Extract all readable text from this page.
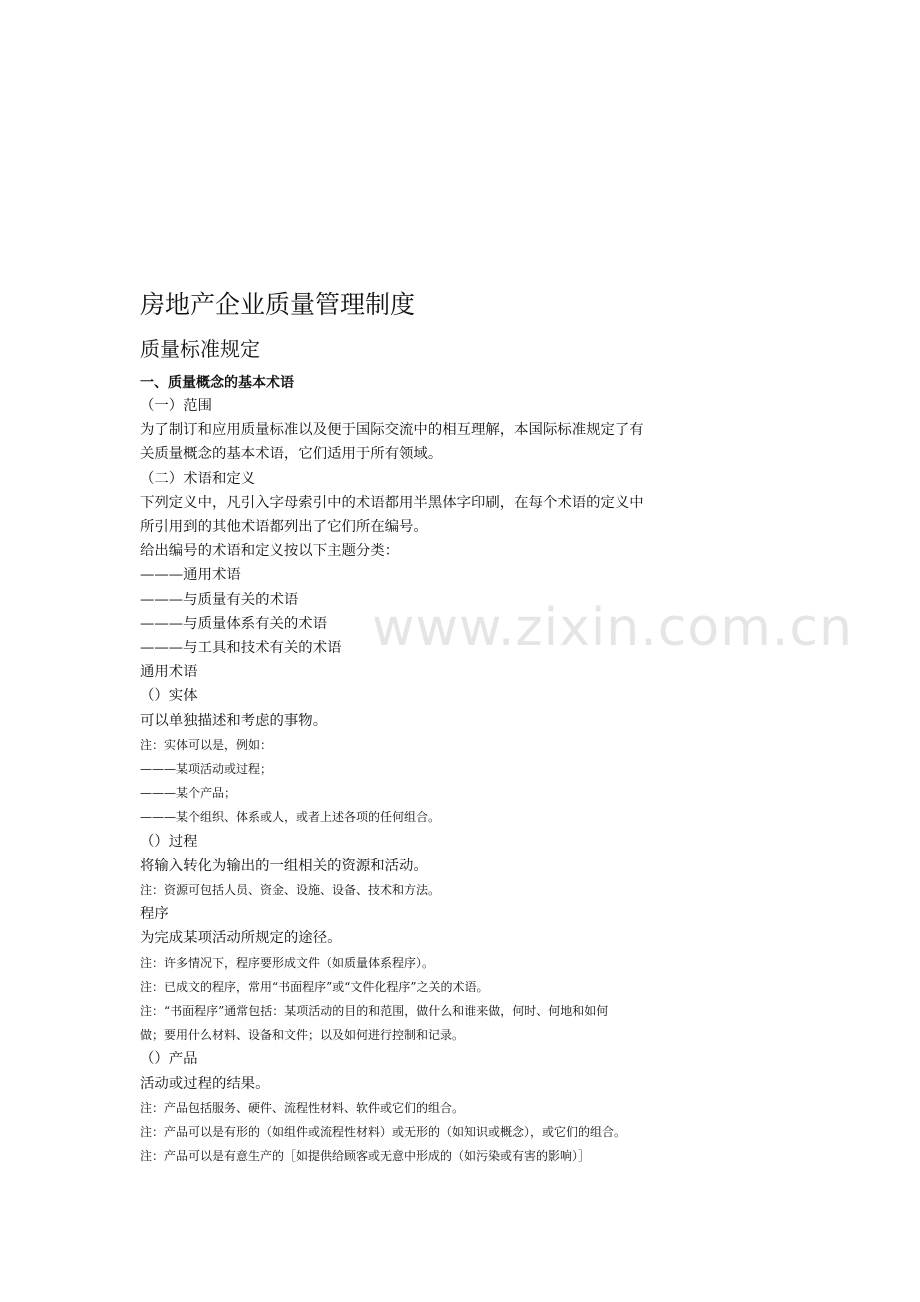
房地产企业质量管理制度
质量标准规定
一、质量概念的基本术语
（一）范围
为了制订和应用质量标准以及便于国际交流中的相互理解，本国际标准规定了有
关质量概念的基本术语，它们适用于所有领域。
（二）术语和定义
下列定义中，凡引入字母索引中的术语都用半黑体字印刷，在每个术语的定义中
所引用到的其他术语都列出了它们所在编号。
给出编号的术语和定义按以下主题分类：
———通用术语
———与质量有关的术语
———与质量体系有关的术语
———与工具和技术有关的术语
通用术语
（）实体
可以单独描述和考虑的事物。
注：实体可以是，例如：
———某项活动或过程；
———某个产品；
———某个组织、体系或人，或者上述各项的任何组合。
（）过程
将输入转化为输出的一组相关的资源和活动。
注：资源可包括人员、资金、设施、设备、技术和方法。
程序
为完成某项活动所规定的途径。
注：许多情况下，程序要形成文件（如质量体系程序）。
注：已成文的程序，常用“书面程序”或“文件化程序”之关的术语。
注：“书面程序”通常包括：某项活动的目的和范围，做什么和谁来做，何时、何地和如何
做；要用什么材料、设备和文件；以及如何进行控制和记录。
（）产品
活动或过程的结果。
注：产品包括服务、硬件、流程性材料、软件或它们的组合。
注：产品可以是有形的（如组件或流程性材料）或无形的（如知识或概念），或它们的组合。
注：产品可以是有意生产的［如提供给顾客或无意中形成的（如污染或有害的影响）］
www.zixin.com.cn
